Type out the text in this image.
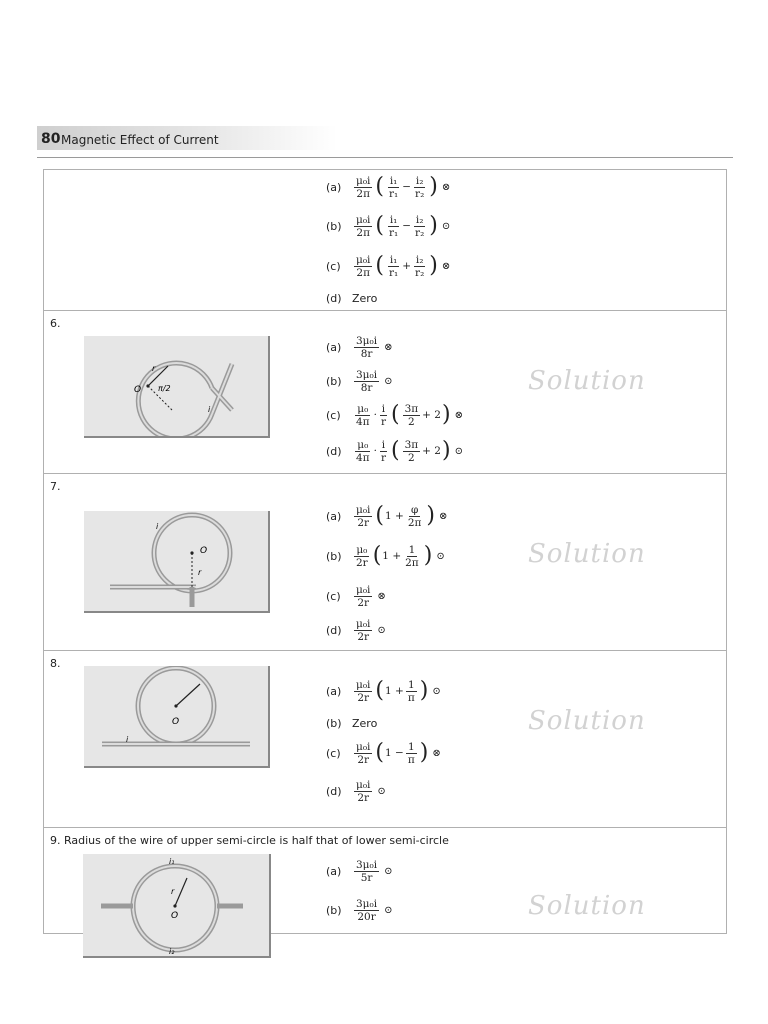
80 Magnetic Effect of Current
(a)	$\frac{\text{μ₀i}}{2\pi}$ ( $\frac{\text{i₁}}{\text{r₁}} - \frac{\text{i₂}}{\text{r₂}}$ ) ⊗
(b)	$\frac{\text{μ₀i}}{2\pi}$ ( $\frac{\text{i₁}}{\text{r₁}} - \frac{\text{i₂}}{\text{r₂}}$ ) ⊙
(c)	$\frac{\text{μ₀i}}{2\pi}$ ( $\frac{\text{i₁}}{\text{r₁}} + \frac{\text{i₂}}{\text{r₂}}$ ) ⊗
(d) Zero
6.
O
r
π/2
i
(a)	$\frac{\text{3μ₀i}}{8r}$ ⊗
(b)	$\frac{\text{3μ₀i}}{8r}$ ⊙
(c)	$\frac{\text{μ₀}}{4\pi} \cdot \frac{i}{r}$ ( $\frac{3\pi}{2} + 2$ ) ⊗
(d)	$\frac{\text{μ₀}}{4\pi} \cdot \frac{i}{r}$ ( $\frac{3\pi}{2} + 2$ ) ⊙
Solution
7.
O
r
i
(a)	$\frac{\text{μ₀i}}{2r}$ ( $1 + \frac{\varphi}{2\pi}$ ) ⊗
(b)	$\frac{\text{μ₀}}{2r}$ ( $1 + \frac{1}{2\pi}$ ) ⊙
(c)	$\frac{\text{μ₀i}}{2r}$ ⊗
(d)	$\frac{\text{μ₀i}}{2r}$ ⊙
Solution
8.
O
i
(a)	$\frac{\text{μ₀i}}{2r}$ ( $1 + \frac{1}{\pi}$ ) ⊙
(b) Zero
(c)	$\frac{\text{μ₀i}}{2r}$ ( $1 - \frac{1}{\pi}$ ) ⊗
(d)	$\frac{\text{μ₀i}}{2r}$ ⊙
Solution
9. Radius of the wire of upper semi-circle is half that of lower semi-circle
(a)	$\frac{\text{3μ₀i}}{5r}$ ⊙
(b)	$\frac{\text{3μ₀i}}{20r}$ ⊙	Solution
i₁
r
O
i₂
